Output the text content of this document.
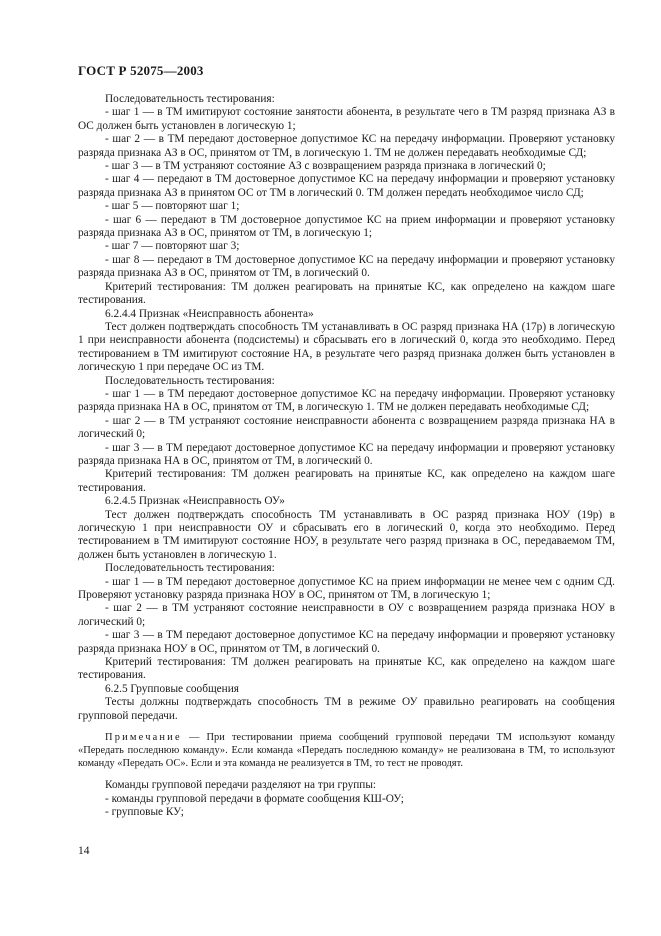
ГОСТ Р 52075—2003

Последовательность тестирования:

- шаг 1 — в ТМ имитируют состояние занятости абонента, в результате чего в ТМ разряд признака АЗ в ОС должен быть установлен в логическую 1;

- шаг 2 — в ТМ передают достоверное допустимое КС на передачу информации. Проверяют установку разряда признака АЗ в ОС, принятом от ТМ, в логическую 1. ТМ не должен передавать необходимые СД;

- шаг 3 — в ТМ устраняют состояние АЗ с возвращением разряда признака в логический 0;

- шаг 4 — передают в ТМ достоверное допустимое КС на передачу информации и проверяют установку разряда признака АЗ в принятом ОС от ТМ в логический 0. ТМ должен передать необходимое число СД;

- шаг 5 — повторяют шаг 1;

- шаг 6 — передают в ТМ достоверное допустимое КС на прием информации и проверяют установку разряда признака АЗ в ОС, принятом от ТМ, в логическую 1;

- шаг 7 — повторяют шаг 3;

- шаг 8 — передают в ТМ достоверное допустимое КС на передачу информации и проверяют установку разряда признака АЗ в ОС, принятом от ТМ, в логический 0.

Критерий тестирования: ТМ должен реагировать на принятые КС, как определено на каждом шаге тестирования.

6.2.4.4 Признак «Неисправность абонента»

Тест должен подтверждать способность ТМ устанавливать в ОС разряд признака НА (17р) в логическую 1 при неисправности абонента (подсистемы) и сбрасывать его в логический 0, когда это необходимо. Перед тестированием в ТМ имитируют состояние НА, в результате чего разряд признака должен быть установлен в логическую 1 при передаче ОС из ТМ.

Последовательность тестирования:

- шаг 1 — в ТМ передают достоверное допустимое КС на передачу информации. Проверяют установку разряда признака НА в ОС, принятом от ТМ, в логическую 1. ТМ не должен передавать необходимые СД;

- шаг 2 — в ТМ устраняют состояние неисправности абонента с возвращением разряда признака НА в логический 0;

- шаг 3 — в ТМ передают достоверное допустимое КС на передачу информации и проверяют установку разряда признака НА в ОС, принятом от ТМ, в логический 0.

Критерий тестирования: ТМ должен реагировать на принятые КС, как определено на каждом шаге тестирования.

6.2.4.5 Признак «Неисправность ОУ»

Тест должен подтверждать способность ТМ устанавливать в ОС разряд признака НОУ (19р) в логическую 1 при неисправности ОУ и сбрасывать его в логический 0, когда это необходимо. Перед тестированием в ТМ имитируют состояние НОУ, в результате чего разряд признака в ОС, передаваемом ТМ, должен быть установлен в логическую 1.

Последовательность тестирования:

- шаг 1 — в ТМ передают достоверное допустимое КС на прием информации не менее чем с одним СД. Проверяют установку разряда признака НОУ в ОС, принятом от ТМ, в логическую 1;

- шаг 2 — в ТМ устраняют состояние неисправности в ОУ с возвращением разряда признака НОУ в логический 0;

- шаг 3 — в ТМ передают достоверное допустимое КС на передачу информации и проверяют установку разряда признака НОУ в ОС, принятом от ТМ, в логический 0.

Критерий тестирования: ТМ должен реагировать на принятые КС, как определено на каждом шаге тестирования.

6.2.5 Групповые сообщения

Тесты должны подтверждать способность ТМ в режиме ОУ правильно реагировать на сообщения групповой передачи.

Примечание — При тестировании приема сообщений групповой передачи ТМ используют команду «Передать последнюю команду». Если команда «Передать последнюю команду» не реализована в ТМ, то используют команду «Передать ОС». Если и эта команда не реализуется в ТМ, то тест не проводят.

Команды групповой передачи разделяют на три группы:

- команды групповой передачи в формате сообщения КШ-ОУ;

- групповые КУ;

14
